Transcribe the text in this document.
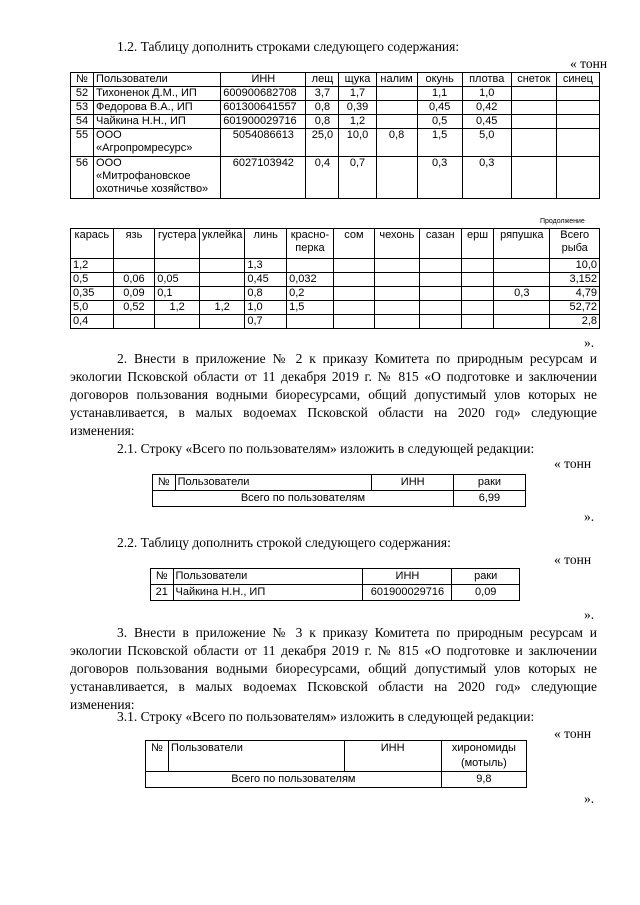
1.2. Таблицу дополнить строками следующего содержания:
« тонн
№	Пользователи	ИНН	лещ	щука	налим	окунь	плотва	снеток	синец
52	Тихоненок Д.М., ИП	600900682708	3,7	1,7		1,1	1,0		
53	Федорова В.А., ИП	601300641557	0,8	0,39		0,45	0,42		
54	Чайкина Н.Н., ИП	601900029716	0,8	1,2		0,5	0,45		
55	ООО «Агропромресурс»	5054086613	25,0	10,0	0,8	1,5	5,0		
56	ООО «Митрофановское охотничье хозяйство»	6027103942	0,4	0,7		0,3	0,3		
Продолжение
карась	язь	густера	уклейка	линь	красно- перка	сом	чехонь	сазан	ерш	ряпушка	Всего рыба
1,2				1,3							10,0
0,5	0,06	0,05		0,45	0,032						3,152
0,35	0,09	0,1		0,8	0,2					0,3	4,79
5,0	0,52	1,2	1,2	1,0	1,5						52,72
0,4				0,7							2,8
».
2. Внести в приложение № 2 к приказу Комитета по природным ресурсам и экологии Псковской области от 11 декабря 2019 г. № 815 «О подготовке и заключении договоров пользования водными биоресурсами, общий допустимый улов которых не устанавливается, в малых водоемах Псковской области на 2020 год» следующие изменения:
2.1. Строку «Всего по пользователям» изложить в следующей редакции:
« тонн
№	Пользователи	ИНН	раки
Всего по пользователям			6,99
».
2.2. Таблицу дополнить строкой следующего содержания:
« тонн
№	Пользователи	ИНН	раки
21	Чайкина Н.Н., ИП	601900029716	0,09
».
3. Внести в приложение № 3 к приказу Комитета по природным ресурсам и экологии Псковской области от 11 декабря 2019 г. № 815 «О подготовке и заключении договоров пользования водными биоресурсами, общий допустимый улов которых не устанавливается, в малых водоемах Псковской области на 2020 год» следующие изменения:
3.1. Строку «Всего по пользователям» изложить в следующей редакции:
« тонн
№	Пользователи	ИНН	хирономиды (мотыль)
Всего по пользователям			9,8
».
